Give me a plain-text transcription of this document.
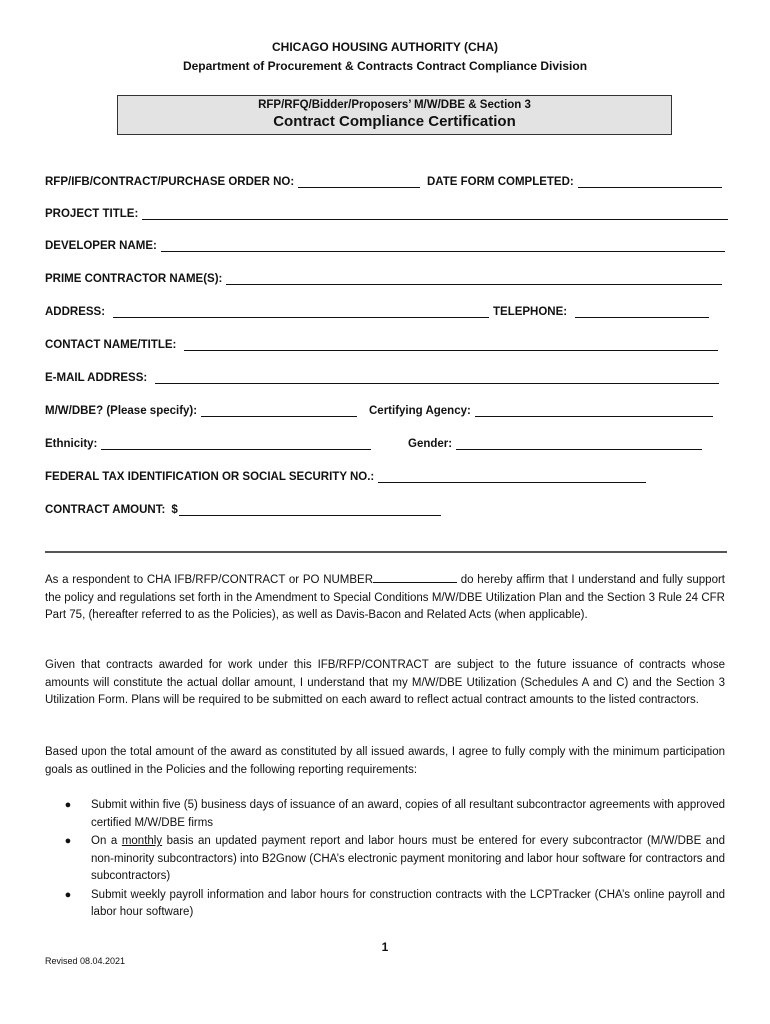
CHICAGO HOUSING AUTHORITY (CHA)
Department of Procurement & Contracts Contract Compliance Division
RFP/RFQ/Bidder/Proposers’ M/W/DBE & Section 3
Contract Compliance Certification
RFP/IFB/CONTRACT/PURCHASE ORDER NO:	DATE FORM COMPLETED:
PROJECT TITLE:
DEVELOPER NAME:
PRIME CONTRACTOR NAME(S):
ADDRESS:	TELEPHONE:
CONTACT NAME/TITLE:
E-MAIL ADDRESS:
M/W/DBE? (Please specify):	Certifying Agency:
Ethnicity:	Gender:
FEDERAL TAX IDENTIFICATION OR SOCIAL SECURITY NO.:
CONTRACT AMOUNT: $
As a respondent to CHA IFB/RFP/CONTRACT or PO NUMBER	do hereby affirm that I understand and fully support the policy and regulations set forth in the Amendment to Special Conditions M/W/DBE Utilization Plan and the Section 3 Rule 24 CFR Part 75, (hereafter referred to as the Policies), as well as Davis-Bacon and Related Acts (when applicable).
Given that contracts awarded for work under this IFB/RFP/CONTRACT are subject to the future issuance of contracts whose amounts will constitute the actual dollar amount, I understand that my M/W/DBE Utilization (Schedules A and C) and the Section 3 Utilization Form. Plans will be required to be submitted on each award to reflect actual contract amounts to the listed contractors.
Based upon the total amount of the award as constituted by all issued awards, I agree to fully comply with the minimum participation goals as outlined in the Policies and the following reporting requirements:
●	Submit within five (5) business days of issuance of an award, copies of all resultant subcontractor agreements with approved certified M/W/DBE firms
●	On a monthly basis an updated payment report and labor hours must be entered for every subcontractor (M/W/DBE and non-minority subcontractors) into B2Gnow (CHA’s electronic payment monitoring and labor hour software for contractors and subcontractors)
●	Submit weekly payroll information and labor hours for construction contracts with the LCPTracker (CHA’s online payroll and labor hour software)
1
Revised 08.04.2021
